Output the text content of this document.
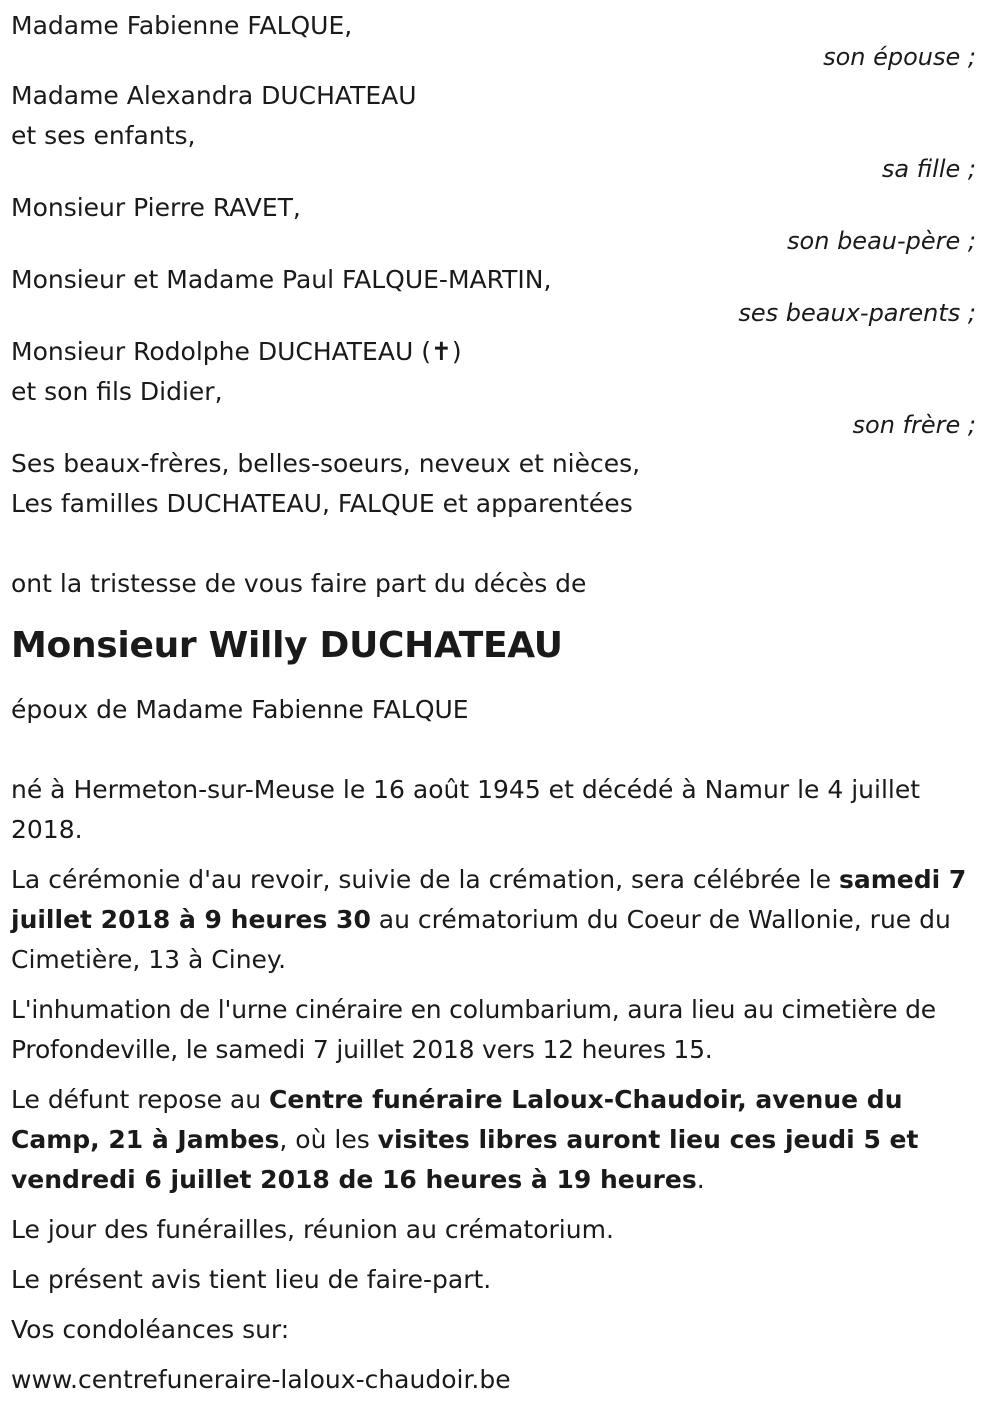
Madame Fabienne FALQUE,

son épouse ;

Madame Alexandra DUCHATEAU

et ses enfants,

sa fille ;

Monsieur Pierre RAVET,

son beau-père ;

Monsieur et Madame Paul FALQUE-MARTIN,

ses beaux-parents ;

Monsieur Rodolphe DUCHATEAU (✝)

et son fils Didier,

son frère ;

Ses beaux-frères, belles-soeurs, neveux et nièces,

Les familles DUCHATEAU, FALQUE et apparentées

ont la tristesse de vous faire part du décès de

Monsieur Willy DUCHATEAU

époux de Madame Fabienne FALQUE

né à Hermeton-sur-Meuse le 16 août 1945 et décédé à Namur le 4 juillet 2018.

La cérémonie d'au revoir, suivie de la crémation, sera célébrée le samedi 7 juillet 2018 à 9 heures 30 au crématorium du Coeur de Wallonie, rue du Cimetière, 13 à Ciney.

L'inhumation de l'urne cinéraire en columbarium, aura lieu au cimetière de Profondeville, le samedi 7 juillet 2018 vers 12 heures 15.

Le défunt repose au Centre funéraire Laloux-Chaudoir, avenue du Camp, 21 à Jambes, où les visites libres auront lieu ces jeudi 5 et vendredi 6 juillet 2018 de 16 heures à 19 heures.

Le jour des funérailles, réunion au crématorium.

Le présent avis tient lieu de faire-part.

Vos condoléances sur:

www.centrefuneraire-laloux-chaudoir.be
